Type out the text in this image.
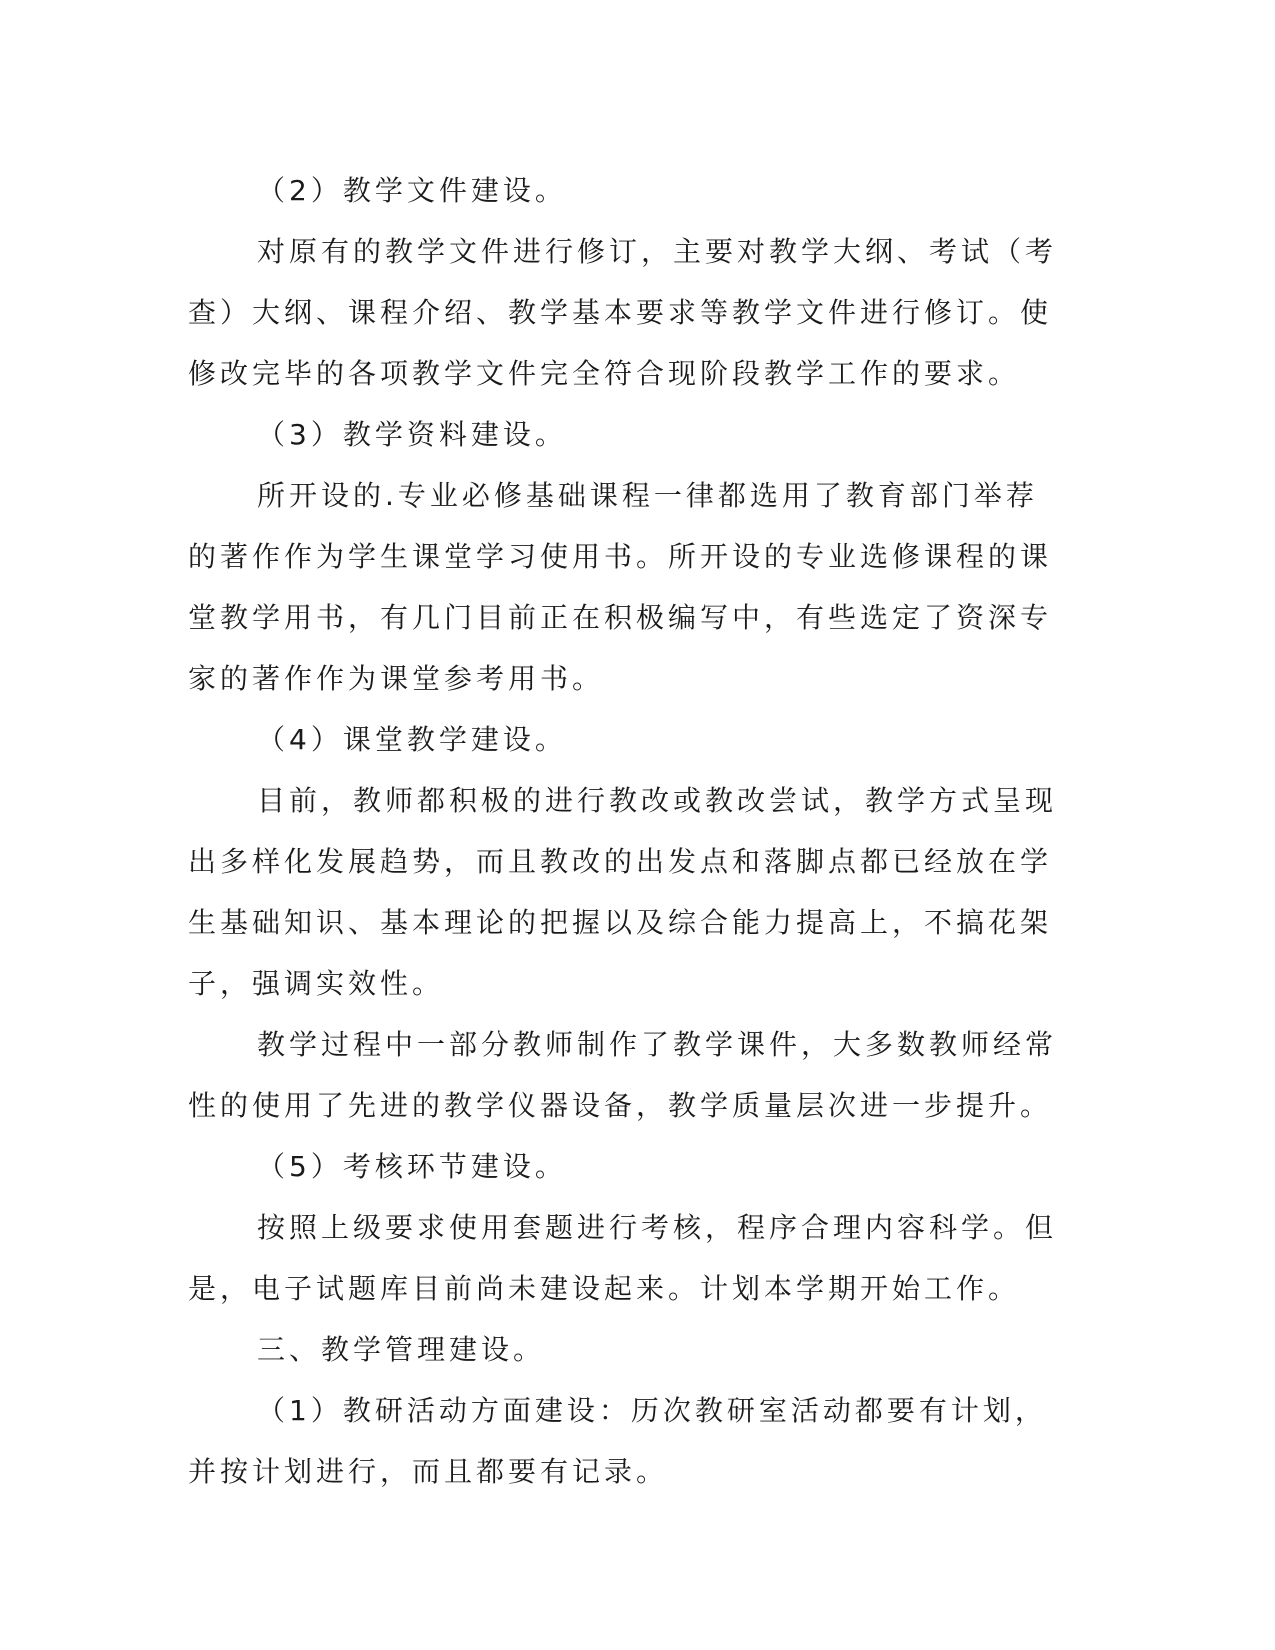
（2）教学文件建设。

对原有的教学文件进行修订，主要对教学大纲、考试（考查）大纲、课程介绍、教学基本要求等教学文件进行修订。使修改完毕的各项教学文件完全符合现阶段教学工作的要求。

（3）教学资料建设。

所开设的.专业必修基础课程一律都选用了教育部门举荐的著作作为学生课堂学习使用书。所开设的专业选修课程的课堂教学用书，有几门目前正在积极编写中，有些选定了资深专家的著作作为课堂参考用书。

（4）课堂教学建设。

目前，教师都积极的进行教改或教改尝试，教学方式呈现出多样化发展趋势，而且教改的出发点和落脚点都已经放在学生基础知识、基本理论的把握以及综合能力提高上，不搞花架子，强调实效性。

教学过程中一部分教师制作了教学课件，大多数教师经常性的使用了先进的教学仪器设备，教学质量层次进一步提升。

（5）考核环节建设。

按照上级要求使用套题进行考核，程序合理内容科学。但是，电子试题库目前尚未建设起来。计划本学期开始工作。

三、教学管理建设。

（1）教研活动方面建设：历次教研室活动都要有计划，并按计划进行，而且都要有记录。
